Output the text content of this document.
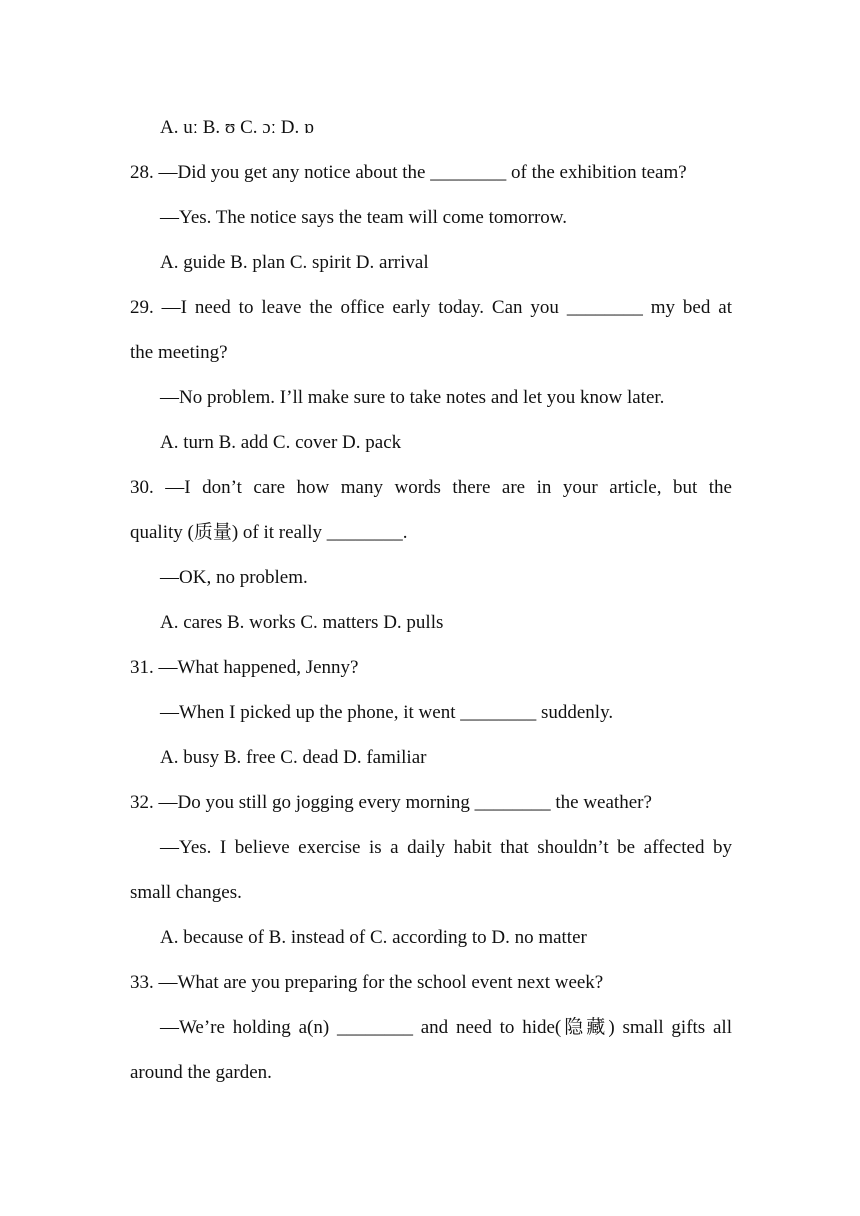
A. uː B. ʊ C. ɔː D. ɒ
28. —Did you get any notice about the ________ of the exhibition team?
—Yes. The notice says the team will come tomorrow.
A. guide B. plan C. spirit D. arrival
29. —I need to leave the office early today. Can you ________ my bed at
the meeting?
—No problem. I’ll make sure to take notes and let you know later.
A. turn B. add C. cover D. pack
30. —I don’t care how many words there are in your article, but the
quality (质量) of it really ________.
—OK, no problem.
A. cares B. works C. matters D. pulls
31. —What happened, Jenny?
—When I picked up the phone, it went ________ suddenly.
A. busy B. free C. dead D. familiar
32. —Do you still go jogging every morning ________ the weather?
—Yes. I believe exercise is a daily habit that shouldn’t be affected by
small changes.
A. because of B. instead of C. according to D. no matter
33. —What are you preparing for the school event next week?
—We’re holding a(n) ________ and need to hide(隐藏) small gifts all
around the garden.
